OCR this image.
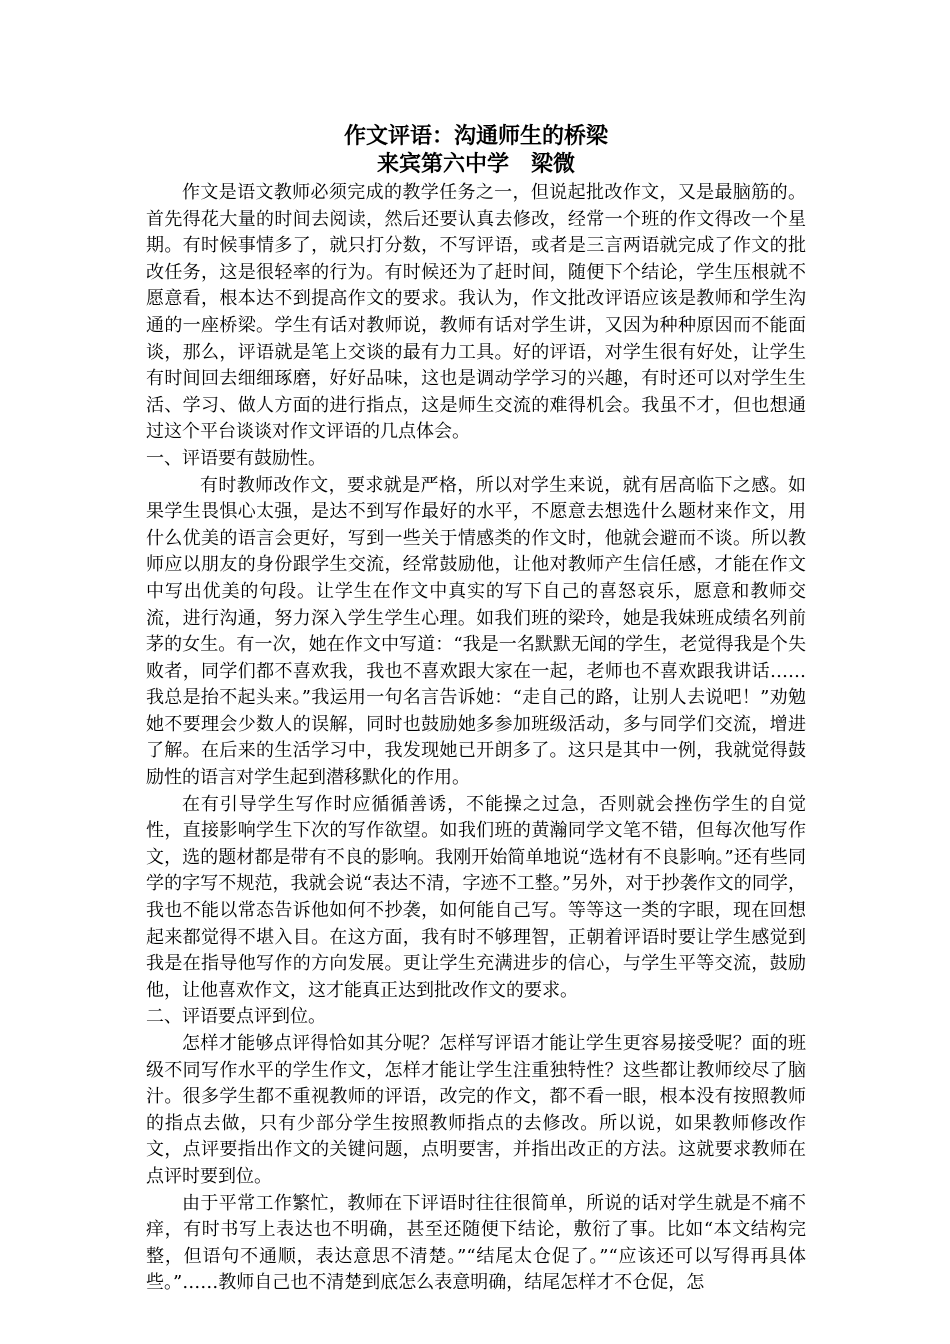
作文评语：沟通师生的桥梁

来宾第六中学　梁微

作文是语文教师必须完成的教学任务之一，但说起批改作文，又是最脑筋的。首先得花大量的时间去阅读，然后还要认真去修改，经常一个班的作文得改一个星期。有时候事情多了，就只打分数，不写评语，或者是三言两语就完成了作文的批改任务，这是很轻率的行为。有时候还为了赶时间，随便下个结论，学生压根就不愿意看，根本达不到提高作文的要求。我认为，作文批改评语应该是教师和学生沟通的一座桥梁。学生有话对教师说，教师有话对学生讲，又因为种种原因而不能面谈，那么，评语就是笔上交谈的最有力工具。好的评语，对学生很有好处，让学生有时间回去细细琢磨，好好品味，这也是调动学学习的兴趣，有时还可以对学生生活、学习、做人方面的进行指点，这是师生交流的难得机会。我虽不才，但也想通过这个平台谈谈对作文评语的几点体会。

一、评语要有鼓励性。

有时教师改作文，要求就是严格，所以对学生来说，就有居高临下之感。如果学生畏惧心太强，是达不到写作最好的水平，不愿意去想选什么题材来作文，用什么优美的语言会更好，写到一些关于情感类的作文时，他就会避而不谈。所以教师应以朋友的身份跟学生交流，经常鼓励他，让他对教师产生信任感，才能在作文中写出优美的句段。让学生在作文中真实的写下自己的喜怒哀乐，愿意和教师交流，进行沟通，努力深入学生学生心理。如我们班的梁玲，她是我妹班成绩名列前茅的女生。有一次，她在作文中写道：“我是一名默默无闻的学生，老觉得我是个失败者，同学们都不喜欢我，我也不喜欢跟大家在一起，老师也不喜欢跟我讲话……我总是抬不起头来。”我运用一句名言告诉她：“走自己的路，让别人去说吧！”劝勉她不要理会少数人的误解，同时也鼓励她多参加班级活动，多与同学们交流，增进了解。在后来的生活学习中，我发现她已开朗多了。这只是其中一例，我就觉得鼓励性的语言对学生起到潜移默化的作用。

在有引导学生写作时应循循善诱，不能操之过急，否则就会挫伤学生的自觉性，直接影响学生下次的写作欲望。如我们班的黄瀚同学文笔不错，但每次他写作文，选的题材都是带有不良的影响。我刚开始简单地说“选材有不良影响。”还有些同学的字写不规范，我就会说“表达不清，字迹不工整。”另外，对于抄袭作文的同学，我也不能以常态告诉他如何不抄袭，如何能自己写。等等这一类的字眼，现在回想起来都觉得不堪入目。在这方面，我有时不够理智，正朝着评语时要让学生感觉到我是在指导他写作的方向发展。更让学生充满进步的信心，与学生平等交流，鼓励他，让他喜欢作文，这才能真正达到批改作文的要求。

二、评语要点评到位。

怎样才能够点评得恰如其分呢？怎样写评语才能让学生更容易接受呢？面的班级不同写作水平的学生作文，怎样才能让学生注重独特性？这些都让教师绞尽了脑汁。很多学生都不重视教师的评语，改完的作文，都不看一眼，根本没有按照教师的指点去做，只有少部分学生按照教师指点的去修改。所以说，如果教师修改作文，点评要指出作文的关键问题，点明要害，并指出改正的方法。这就要求教师在点评时要到位。

由于平常工作繁忙，教师在下评语时往往很简单，所说的话对学生就是不痛不痒，有时书写上表达也不明确，甚至还随便下结论，敷衍了事。比如“本文结构完整，但语句不通顺，表达意思不清楚。”“结尾太仓促了。”“应该还可以写得再具体些。”……教师自己也不清楚到底怎么表意明确，结尾怎样才不仓促，怎
